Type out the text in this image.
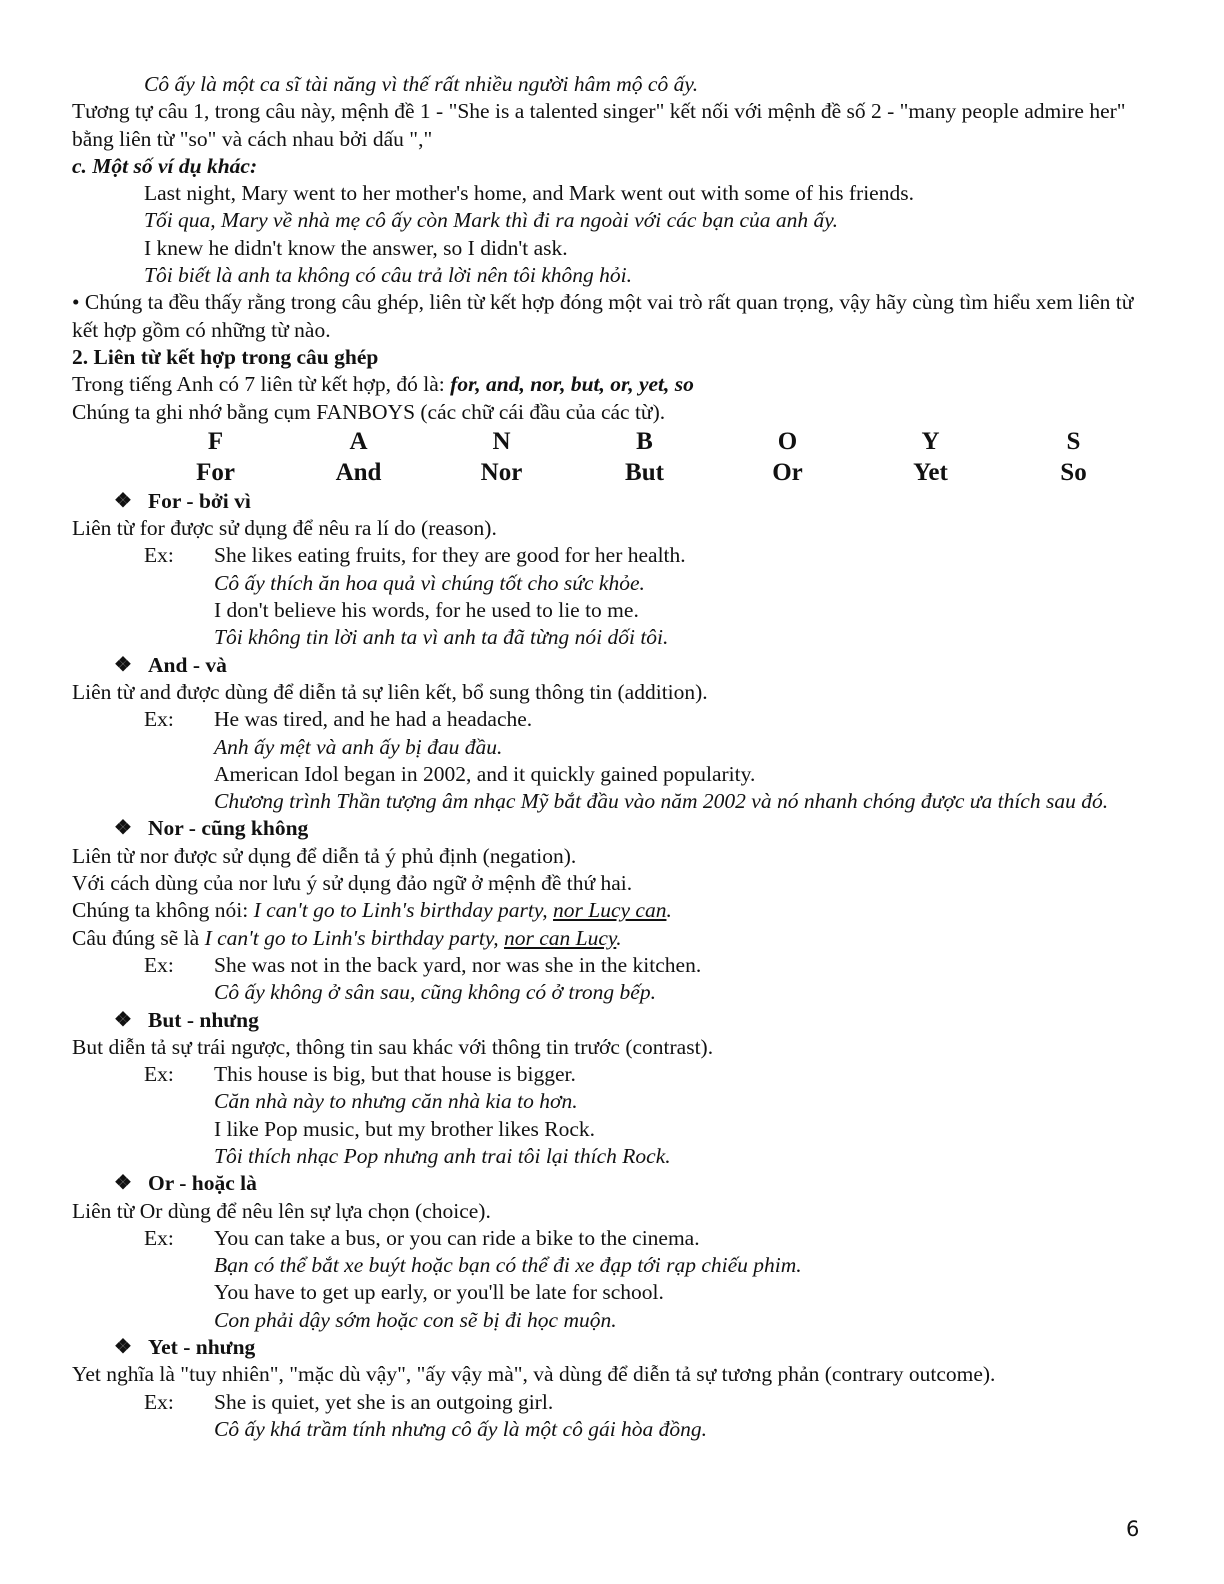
Cô ấy là một ca sĩ tài năng vì thế rất nhiều người hâm mộ cô ấy.
Tương tự câu 1, trong câu này, mệnh đề 1 - "She is a talented singer" kết nối với mệnh đề số 2 - "many people admire her" bằng liên từ "so" và cách nhau bởi dấu ","
c. Một số ví dụ khác:
Last night, Mary went to her mother's home, and Mark went out with some of his friends.
Tối qua, Mary về nhà mẹ cô ấy còn Mark thì đi ra ngoài với các bạn của anh ấy.
I knew he didn't know the answer, so I didn't ask.
Tôi biết là anh ta không có câu trả lời nên tôi không hỏi.
• Chúng ta đều thấy rằng trong câu ghép, liên từ kết hợp đóng một vai trò rất quan trọng, vậy hãy cùng tìm hiểu xem liên từ kết hợp gồm có những từ nào.
2. Liên từ kết hợp trong câu ghép
Trong tiếng Anh có 7 liên từ kết hợp, đó là: for, and, nor, but, or, yet, so
Chúng ta ghi nhớ bằng cụm FANBOYS (các chữ cái đầu của các từ).
F	A	N	B	O	Y	S
For	And	Nor	But	Or	Yet	So
❖ For - bởi vì
Liên từ for được sử dụng để nêu ra lí do (reason).
Ex:	She likes eating fruits, for they are good for her health.
Cô ấy thích ăn hoa quả vì chúng tốt cho sức khỏe.
I don't believe his words, for he used to lie to me.
Tôi không tin lời anh ta vì anh ta đã từng nói dối tôi.
❖ And - và
Liên từ and được dùng để diễn tả sự liên kết, bổ sung thông tin (addition).
Ex:	He was tired, and he had a headache.
Anh ấy mệt và anh ấy bị đau đầu.
American Idol began in 2002, and it quickly gained popularity.
Chương trình Thần tượng âm nhạc Mỹ bắt đầu vào năm 2002 và nó nhanh chóng được ưa thích sau đó.
❖ Nor - cũng không
Liên từ nor được sử dụng để diễn tả ý phủ định (negation).
Với cách dùng của nor lưu ý sử dụng đảo ngữ ở mệnh đề thứ hai.
Chúng ta không nói: I can't go to Linh's birthday party, nor Lucy can.
Câu đúng sẽ là I can't go to Linh's birthday party, nor can Lucy.
Ex:	She was not in the back yard, nor was she in the kitchen.
Cô ấy không ở sân sau, cũng không có ở trong bếp.
❖ But - nhưng
But diễn tả sự trái ngược, thông tin sau khác với thông tin trước (contrast).
Ex:	This house is big, but that house is bigger.
Căn nhà này to nhưng căn nhà kia to hơn.
I like Pop music, but my brother likes Rock.
Tôi thích nhạc Pop nhưng anh trai tôi lại thích Rock.
❖ Or - hoặc là
Liên từ Or dùng để nêu lên sự lựa chọn (choice).
Ex:	You can take a bus, or you can ride a bike to the cinema.
Bạn có thể bắt xe buýt hoặc bạn có thể đi xe đạp tới rạp chiếu phim.
You have to get up early, or you'll be late for school.
Con phải dậy sớm hoặc con sẽ bị đi học muộn.
❖ Yet - nhưng
Yet nghĩa là "tuy nhiên", "mặc dù vậy", "ấy vậy mà", và dùng để diễn tả sự tương phản (contrary outcome).
Ex:	She is quiet, yet she is an outgoing girl.
Cô ấy khá trầm tính nhưng cô ấy là một cô gái hòa đồng.
6
